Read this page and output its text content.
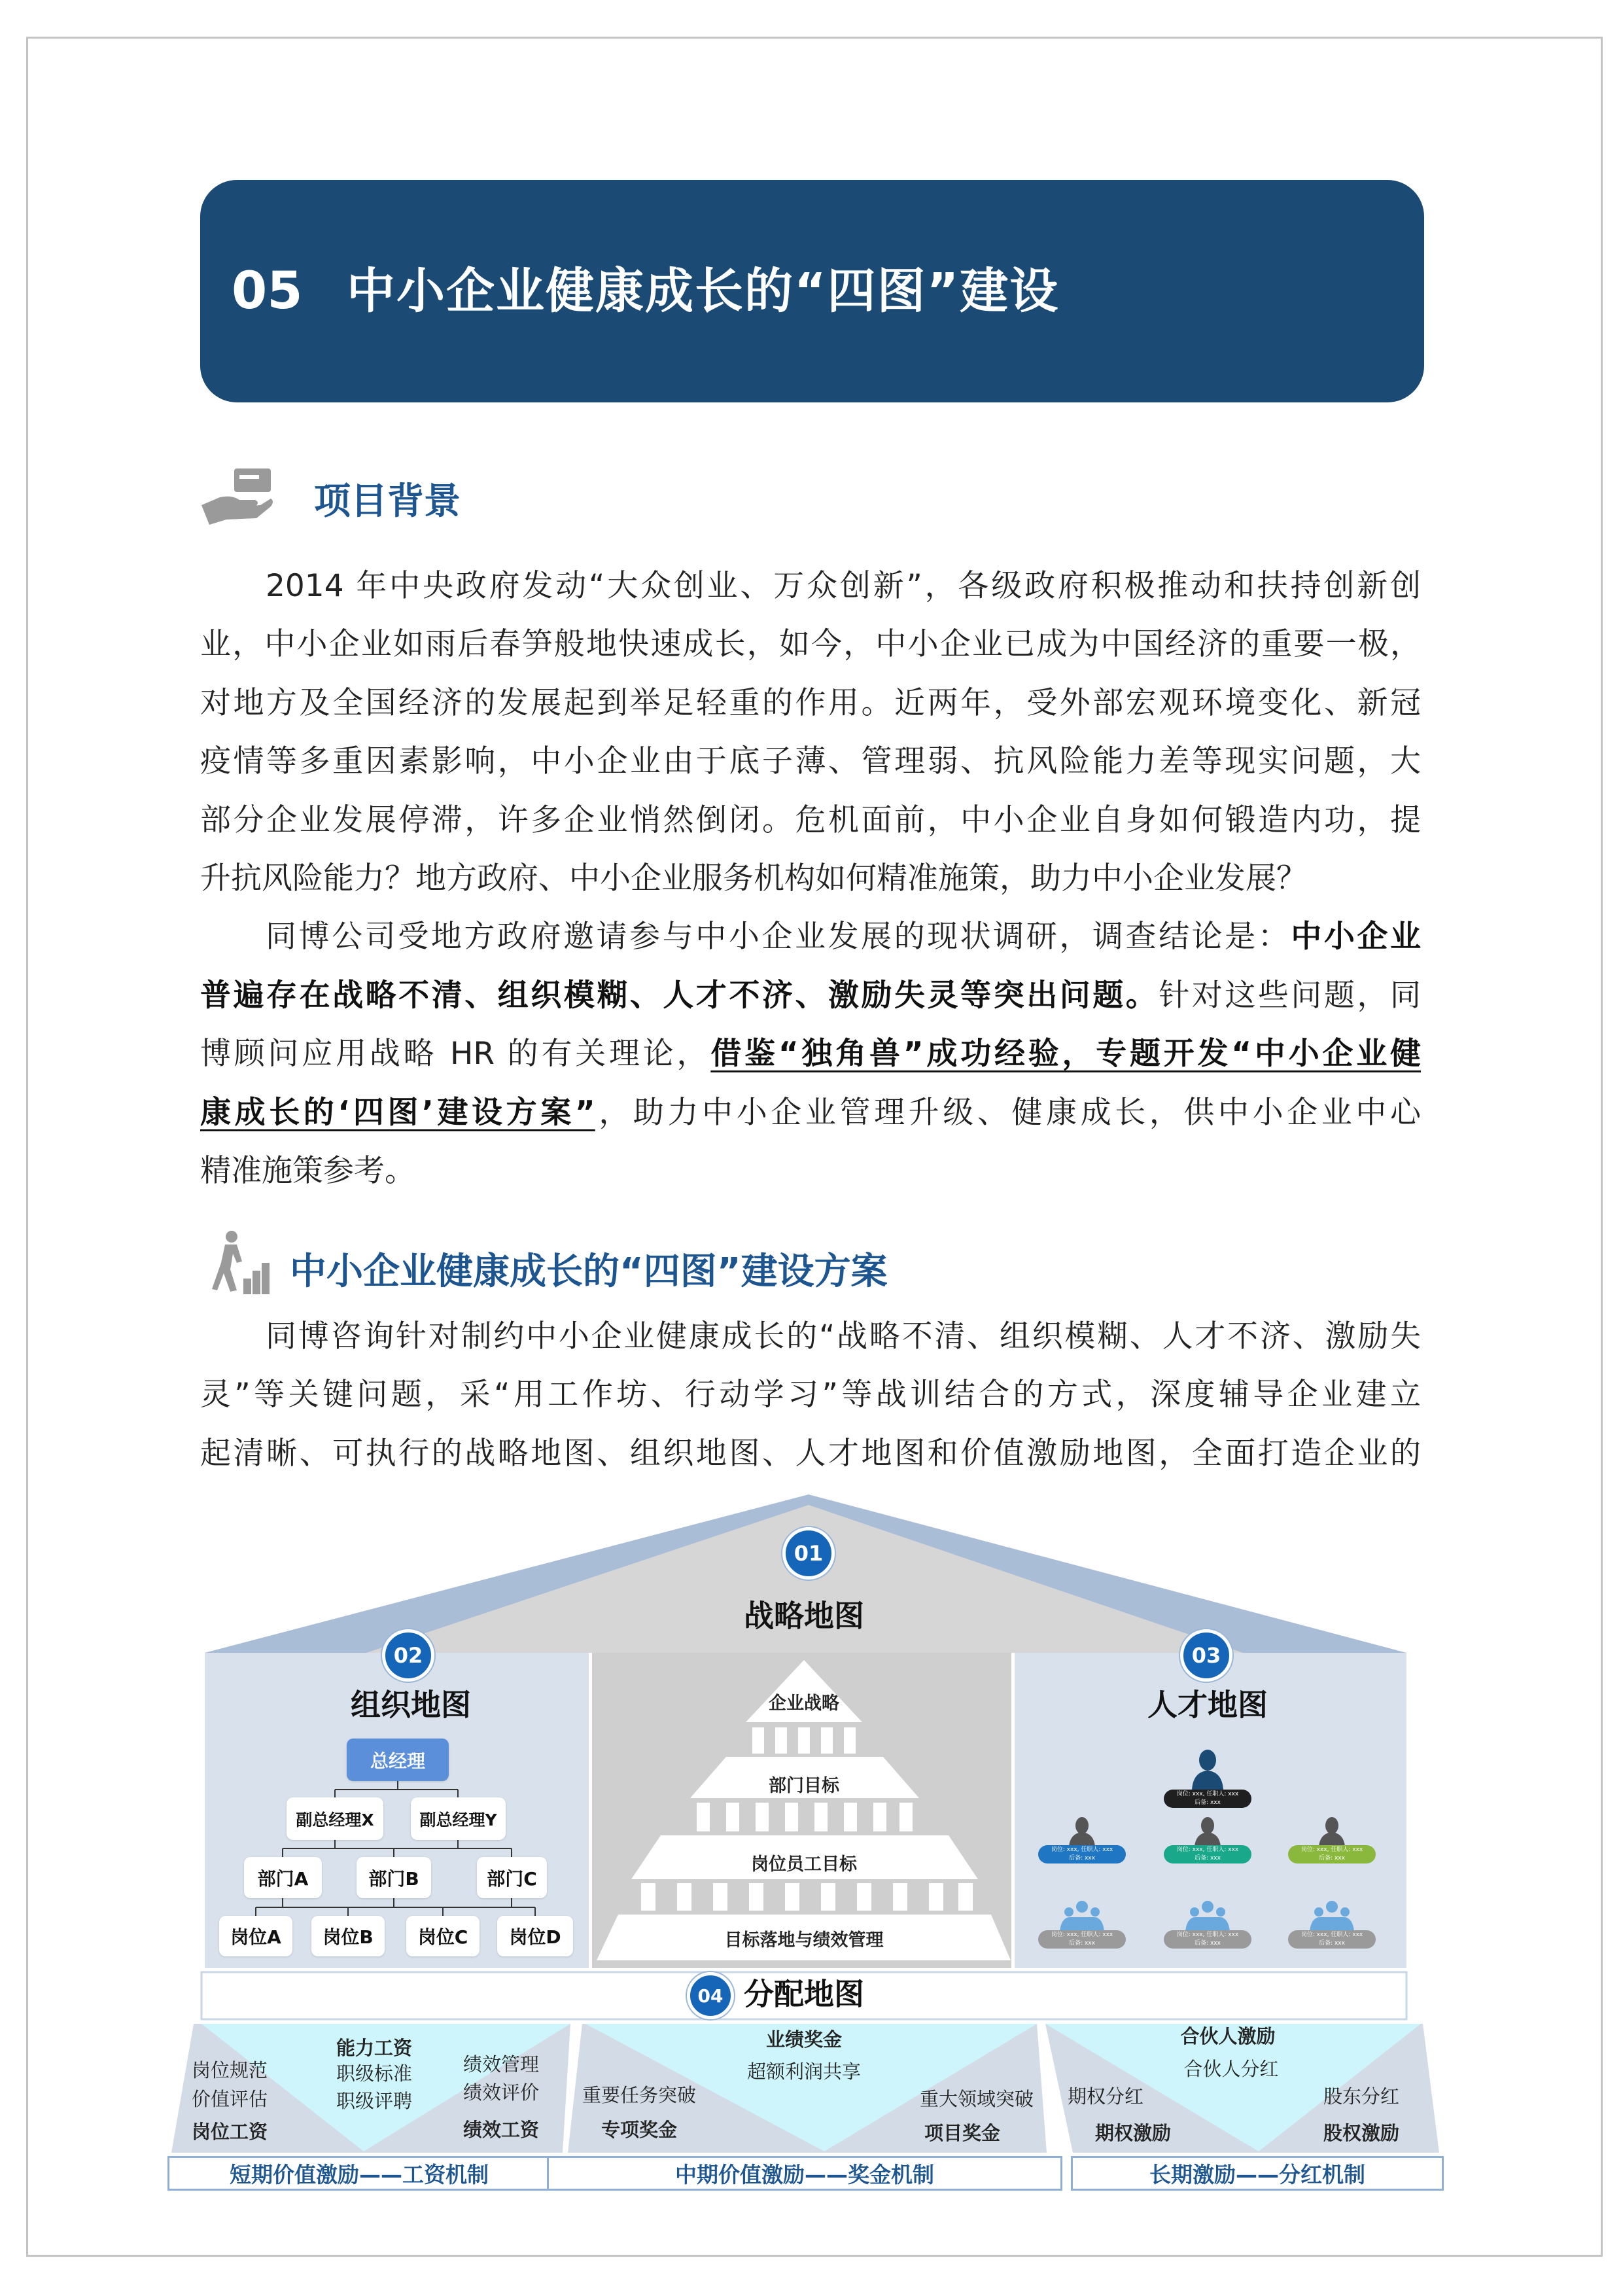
05 中小企业健康成长的“四图”建设
项目背景
2014 年中央政府发动“大众创业、万众创新”，各级政府积极推动和扶持创新创
业，中小企业如雨后春笋般地快速成长，如今，中小企业已成为中国经济的重要一极，
对地方及全国经济的发展起到举足轻重的作用。近两年，受外部宏观环境变化、新冠
疫情等多重因素影响，中小企业由于底子薄、管理弱、抗风险能力差等现实问题，大
部分企业发展停滞，许多企业悄然倒闭。危机面前，中小企业自身如何锻造内功，提
升抗风险能力？地方政府、中小企业服务机构如何精准施策，助力中小企业发展？
同博公司受地方政府邀请参与中小企业发展的现状调研，调查结论是：中小企业
普遍存在战略不清、组织模糊、人才不济、激励失灵等突出问题。针对这些问题，同
博顾问应用战略 HR 的有关理论，借鉴“独角兽”成功经验，专题开发“中小企业健
康成长的‘四图’建设方案”，助力中小企业管理升级、健康成长，供中小企业中心
精准施策参考。
中小企业健康成长的“四图”建设方案
同博咨询针对制约中小企业健康成长的“战略不清、组织模糊、人才不济、激励失
灵”等关键问题，采“用工作坊、行动学习”等战训结合的方式，深度辅导企业建立
起清晰、可执行的战略地图、组织地图、人才地图和价值激励地图，全面打造企业的
01
战略地图
企业战略
部门目标
岗位员工目标
目标落地与绩效管理
02
组织地图
总经理
副总经理X	副总经理Y
部门A	部门B	部门C
岗位A	岗位B	岗位C	岗位D
03
人才地图
岗位: xxx, 任职人: xxx
后备: xxx
岗位: xxx, 任职人: xxx
后备: xxx
岗位: xxx, 任职人: xxx
后备: xxx
岗位: xxx, 任职人: xxx
后备: xxx
岗位: xxx, 任职人: xxx
后备: xxx
岗位: xxx, 任职人: xxx
后备: xxx
岗位: xxx, 任职人: xxx
后备: xxx
04 分配地图
岗位规范
价值评估
岗位工资
能力工资
职级标准
职级评聘
绩效管理
绩效评价
绩效工资
业绩奖金
超额利润共享
重要任务突破
专项奖金
重大领域突破
项目奖金
合伙人激励
合伙人分红
期权分红
期权激励
股东分红
股权激励
短期价值激励——工资机制	中期价值激励——奖金机制	长期激励——分红机制
